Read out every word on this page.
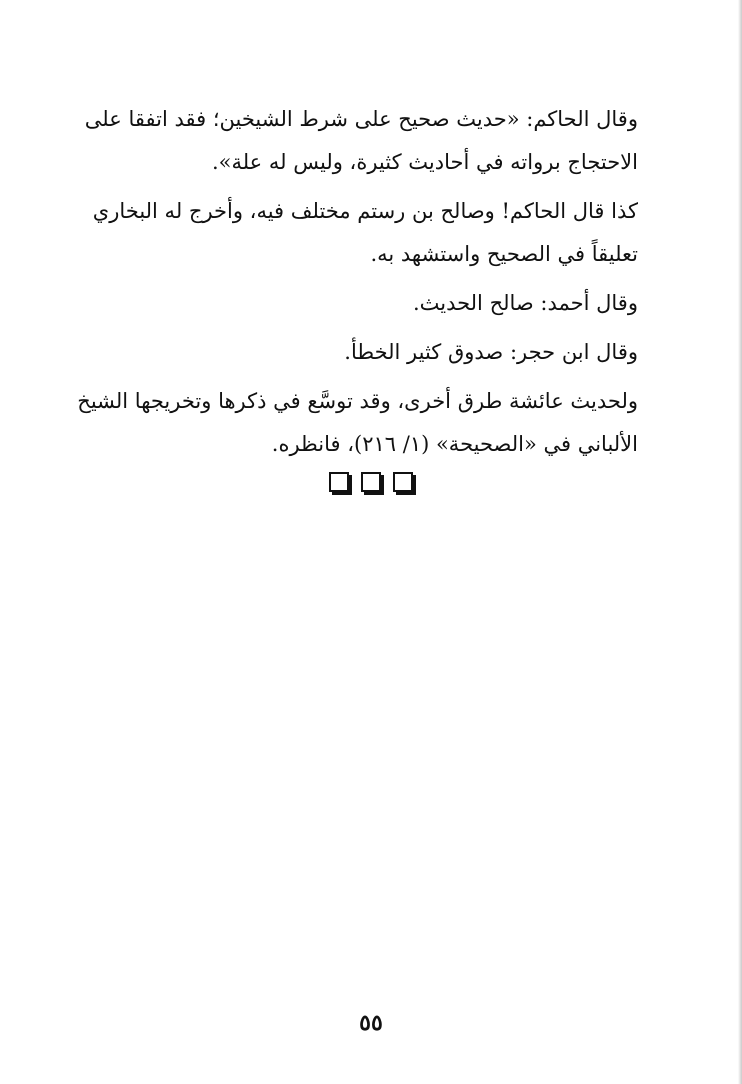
وقال الحاكم: «حديث صحيح على شرط الشيخين؛ فقد اتفقا على
الاحتجاج برواته في أحاديث كثيرة، وليس له علة».

كذا قال الحاكم! وصالح بن رستم مختلف فيه، وأخرج له البخاري
تعليقاً في الصحيح واستشهد به.

وقال أحمد: صالح الحديث.

وقال ابن حجر: صدوق كثير الخطأ.

ولحديث عائشة طرق أخرى، وقد توسَّع في ذكرها وتخريجها الشيخ
الألباني في «الصحيحة» (١/ ٢١٦)، فانظره.

٥٥
